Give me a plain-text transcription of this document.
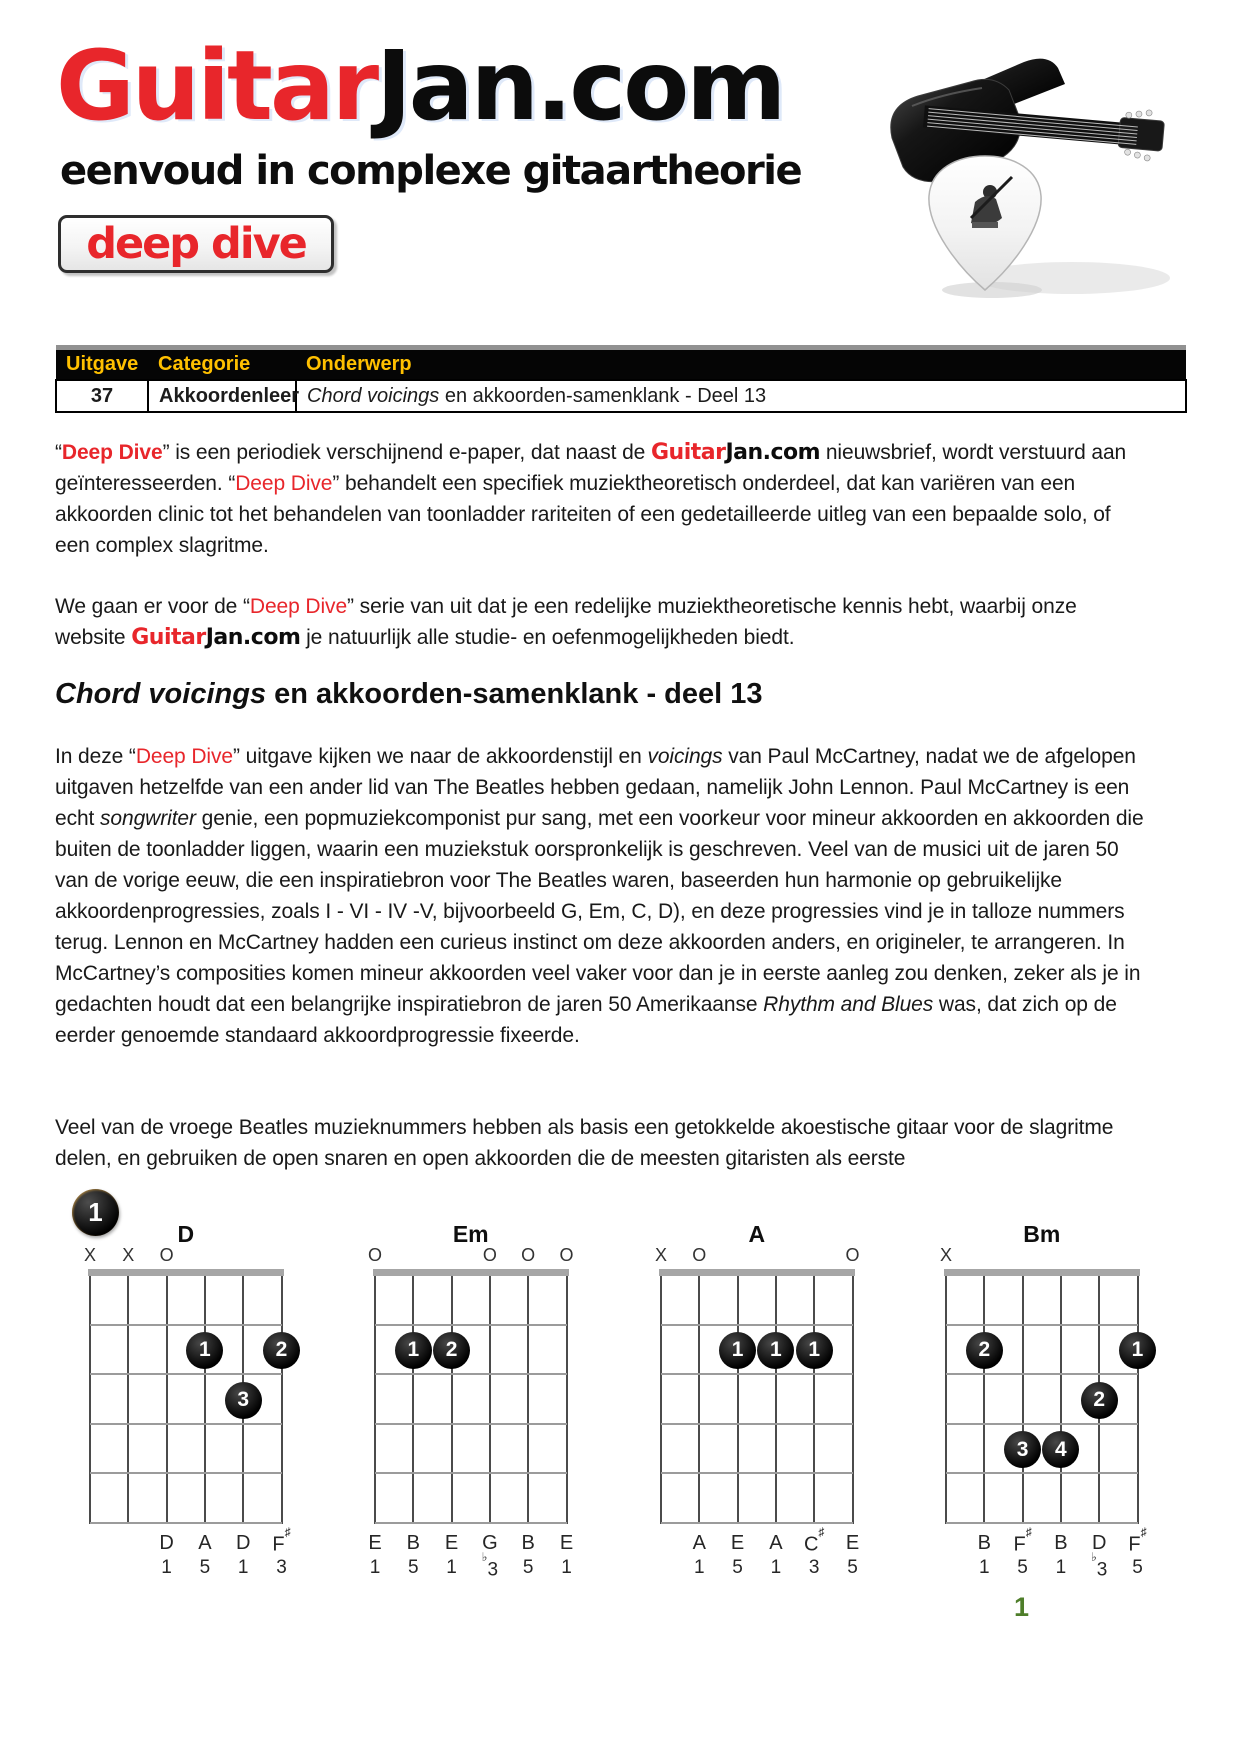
GuitarJan.com
eenvoud in complexe gitaartheorie
deep dive
Uitgave	Categorie	Onderwerp
37	Akkoordenleer	Chord voicings en akkoorden-samenklank - Deel 13
“Deep Dive” is een periodiek verschijnend e-paper, dat naast de GuitarJan.com nieuwsbrief, wordt verstuurd aan geïnteresseerden. “Deep Dive” behandelt een specifiek muziektheoretisch onderdeel, dat kan variëren van een akkoorden clinic tot het behandelen van toonladder rariteiten of een gedetailleerde uitleg van een bepaalde solo, of een complex slagritme.
We gaan er voor de “Deep Dive” serie van uit dat je een redelijke muziektheoretische kennis hebt, waarbij onze website GuitarJan.com je natuurlijk alle studie- en oefenmogelijkheden biedt.
Chord voicings en akkoorden-samenklank - deel 13
In deze “Deep Dive” uitgave kijken we naar de akkoordenstijl en voicings van Paul McCartney, nadat we de afgelopen uitgaven hetzelfde van een ander lid van The Beatles hebben gedaan, namelijk John Lennon. Paul McCartney is een echt songwriter genie, een popmuziekcomponist pur sang, met een voorkeur voor mineur akkoorden en akkoorden die buiten de toonladder liggen, waarin een muziekstuk oorspronkelijk is geschreven. Veel van de musici uit de jaren 50 van de vorige eeuw, die een inspiratiebron voor The Beatles waren, baseerden hun harmonie op gebruikelijke akkoordenprogressies, zoals I - VI - IV -V, bijvoorbeeld G, Em, C, D), en deze progressies vind je in talloze nummers terug. Lennon en McCartney hadden een curieus instinct om deze akkoorden anders, en origineler, te arrangeren. In McCartney’s composities komen mineur akkoorden veel vaker voor dan je in eerste aanleg zou denken, zeker als je in gedachten houdt dat een belangrijke inspiratiebron de jaren 50 Amerikaanse Rhythm and Blues was, dat zich op de eerder genoemde standaard akkoordprogressie fixeerde.
Veel van de vroege Beatles muzieknummers hebben als basis een getokkelde akoestische gitaar voor de slagritme delen, en gebruiken de open snaren en open akkoorden die de meesten gitaristen als eerste
1
D
X	X	O
1	2
3
D	A	D	F♯
1	5	1	3
Em
O	O	O	O
1	2
E	B	E	G	B	E
1	5	1	♭3	5	1
A
X	O	O
1	1	1
A	E	A	C♯	E
1	5	1	3	5
Bm
X
2	1
2
3	4
B	F♯	B	D	F♯
1	5	1	♭3	5
1
